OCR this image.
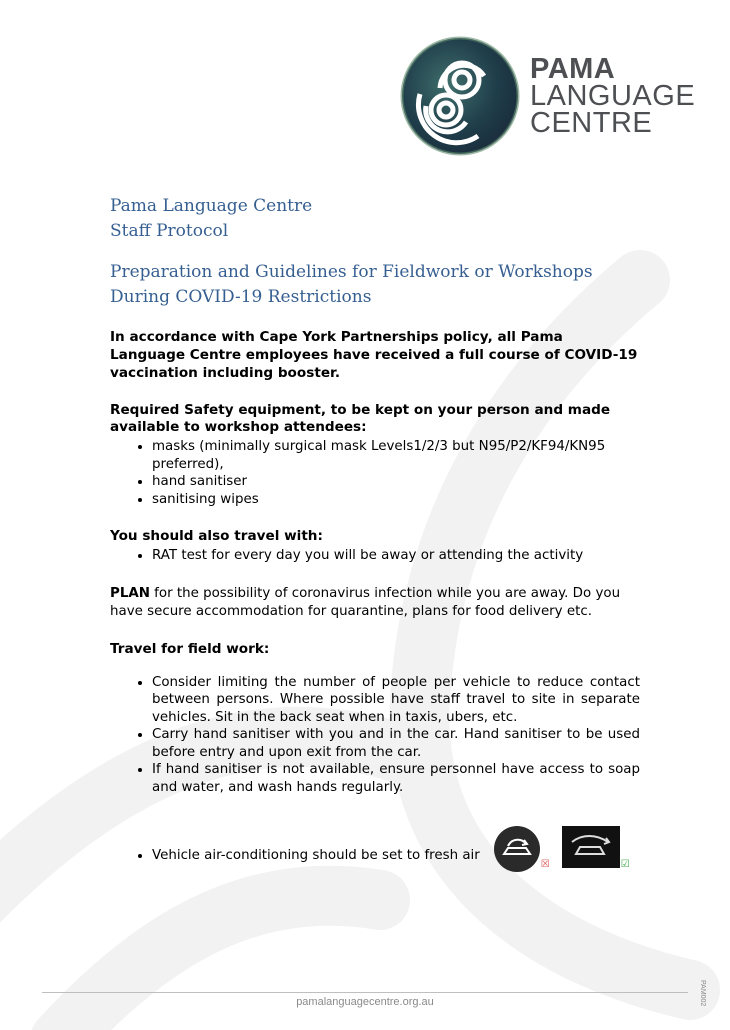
PAMA
LANGUAGE
CENTRE

Pama Language Centre

Staff Protocol

Preparation and Guidelines for Fieldwork or Workshops

During COVID-19 Restrictions

In accordance with Cape York Partnerships policy, all Pama Language Centre employees have received a full course of COVID-19 vaccination including booster.

Required Safety equipment, to be kept on your person and made available to workshop attendees:

• masks (minimally surgical mask Levels1/2/3 but N95/P2/KF94/KN95 preferred),
• hand sanitiser
• sanitising wipes

You should also travel with:

• RAT test for every day you will be away or attending the activity

PLAN for the possibility of coronavirus infection while you are away. Do you have secure accommodation for quarantine, plans for food delivery etc.

Travel for field work:

• Consider limiting the number of people per vehicle to reduce contact between persons. Where possible have staff travel to site in separate vehicles. Sit in the back seat when in taxis, ubers, etc.
• Carry hand sanitiser with you and in the car. Hand sanitiser to be used before entry and upon exit from the car.
• If hand sanitiser is not available, ensure personnel have access to soap and water, and wash hands regularly.
• Vehicle air-conditioning should be set to fresh air
☒	☑
pamalanguagecentre.org.au	PAM002
